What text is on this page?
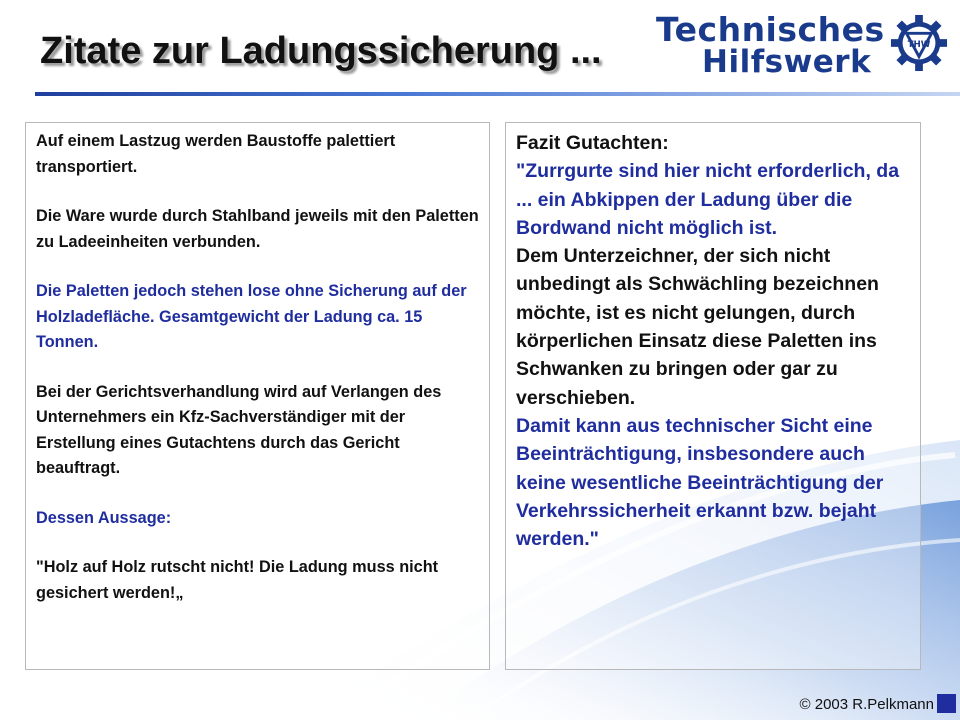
Zitate zur Ladungssicherung ...
Technisches
Hilfswerk	THW

Auf einem Lastzug werden Baustoffe palettiert transportiert.

Die Ware wurde durch Stahlband jeweils mit den Paletten zu Ladeeinheiten verbunden.

Die Paletten jedoch stehen lose ohne Sicherung auf der Holzladefläche. Gesamtgewicht der Ladung ca. 15 Tonnen.

Bei der Gerichtsverhandlung wird auf Verlangen des Unternehmers ein Kfz-Sachverständiger mit der Erstellung eines Gutachtens durch das Gericht beauftragt.

Dessen Aussage:

"Holz auf Holz rutscht nicht! Die Ladung muss nicht gesichert werden!„

Fazit Gutachten:
"Zurrgurte sind hier nicht erforderlich, da ... ein Abkippen der Ladung über die Bordwand nicht möglich ist.
Dem Unterzeichner, der sich nicht unbedingt als Schwächling bezeichnen möchte, ist es nicht gelungen, durch körperlichen Einsatz diese Paletten ins Schwanken zu bringen oder gar zu verschieben.
Damit kann aus technischer Sicht eine Beeinträchtigung, insbesondere auch keine wesentliche Beeinträchtigung der Verkehrssicherheit erkannt bzw. bejaht werden."
© 2003 R.Pelkmann
